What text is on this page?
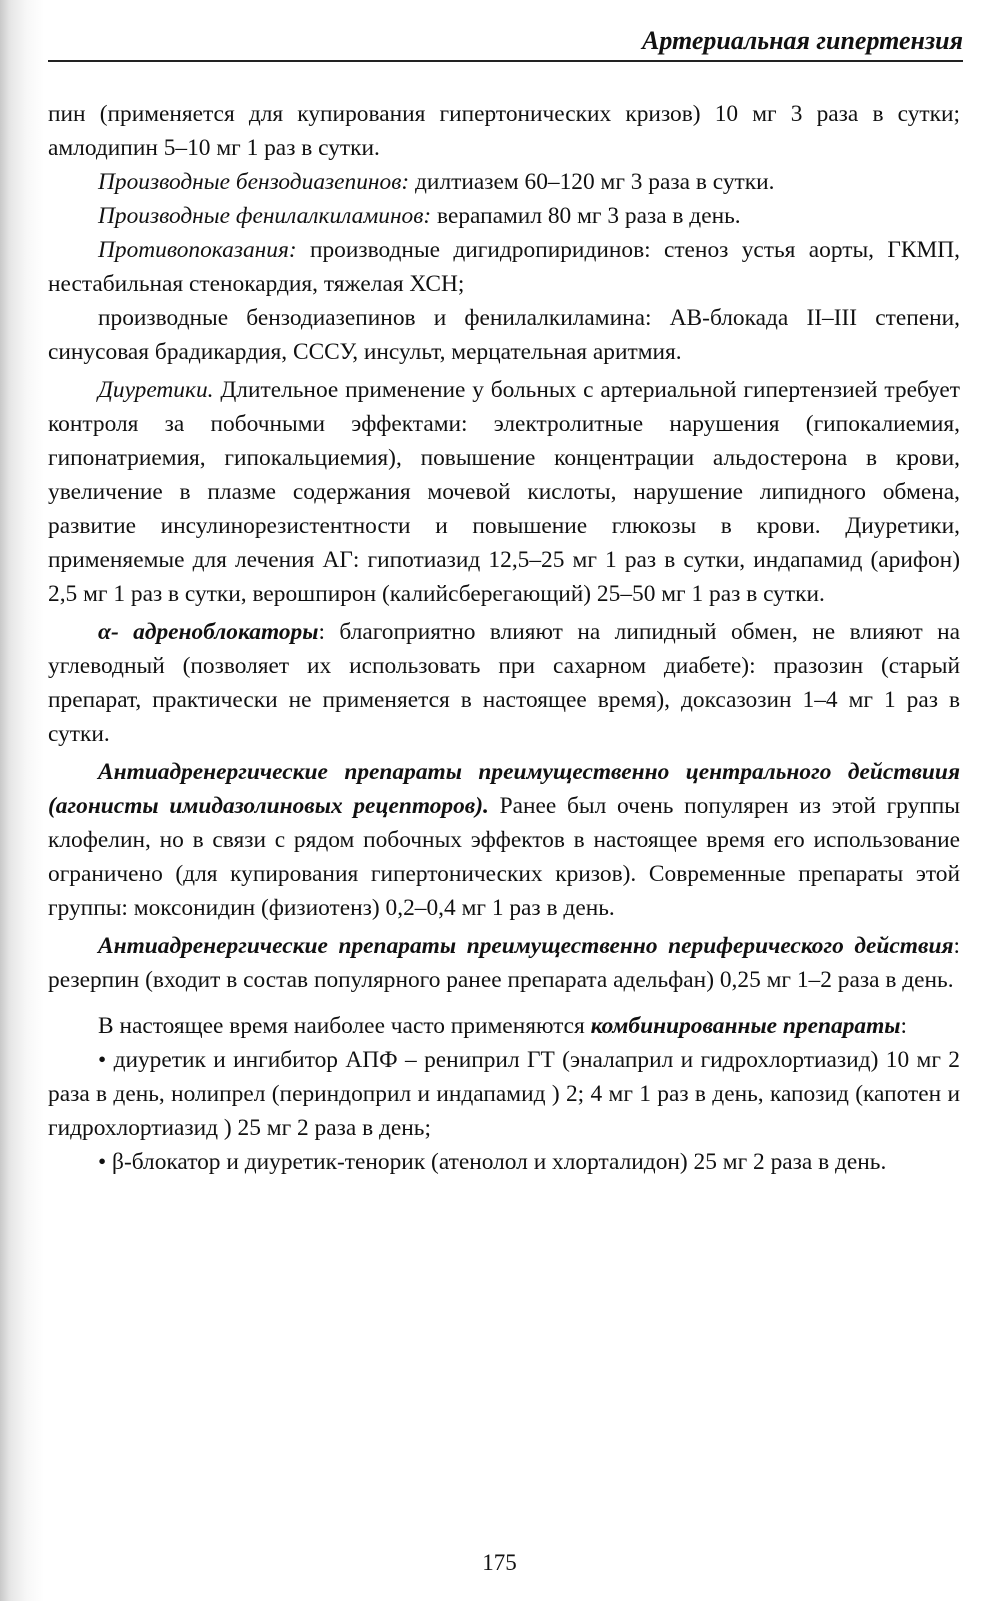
Артериальная гипертензия

пин (применяется для купирования гипертонических кризов) 10 мг 3 раза в сутки; амлодипин 5–10 мг 1 раз в сутки.

Производные бензодиазепинов: дилтиазем 60–120 мг 3 раза в сутки.

Производные фенилалкиламинов: верапамил 80 мг 3 раза в день.

Противопоказания: производные дигидропиридинов: стеноз устья аорты, ГКМП, нестабильная стенокардия, тяжелая ХСН;

производные бензодиазепинов и фенилалкиламина: АВ-блокада II–III степени, синусовая брадикардия, СССУ, инсульт, мерцательная аритмия.

Диуретики. Длительное применение у больных с артериальной гипертензией требует контроля за побочными эффектами: электролитные нарушения (гипокалиемия, гипонатриемия, гипокальциемия), повышение концентрации альдостерона в крови, увеличение в плазме содержания мочевой кислоты, нарушение липидного обмена, развитие инсулинорезистентности и повышение глюкозы в крови. Диуретики, применяемые для лечения АГ: гипотиазид 12,5–25 мг 1 раз в сутки, индапамид (арифон) 2,5 мг 1 раз в сутки, верошпирон (калийсберегающий) 25–50 мг 1 раз в сутки.

α- адреноблокаторы: благоприятно влияют на липидный обмен, не влияют на углеводный (позволяет их использовать при сахарном диабете): празозин (старый препарат, практически не применяется в настоящее время), доксазозин 1–4 мг 1 раз в сутки.

Антиадренергические препараты преимущественно центрального действиия (агонисты имидазолиновых рецепторов). Ранее был очень популярен из этой группы клофелин, но в связи с рядом побочных эффектов в настоящее время его использование ограничено (для купирования гипертонических кризов). Современные препараты этой группы: моксонидин (физиотенз) 0,2–0,4 мг 1 раз в день.

Антиадренергические препараты преимущественно периферического действия: резерпин (входит в состав популярного ранее препарата адельфан) 0,25 мг 1–2 раза в день.

В настоящее время наиболее часто применяются комбинированные препараты:

• диуретик и ингибитор АПФ – рениприл ГТ (эналаприл и гидрохлортиазид) 10 мг 2 раза в день, нолипрел (периндоприл и индапамид ) 2; 4 мг 1 раз в день, капозид (капотен и гидрохлортиазид ) 25 мг 2 раза в день;

• β-блокатор и диуретик-тенорик (атенолол и хлорталидон) 25 мг 2 раза в день.

175
